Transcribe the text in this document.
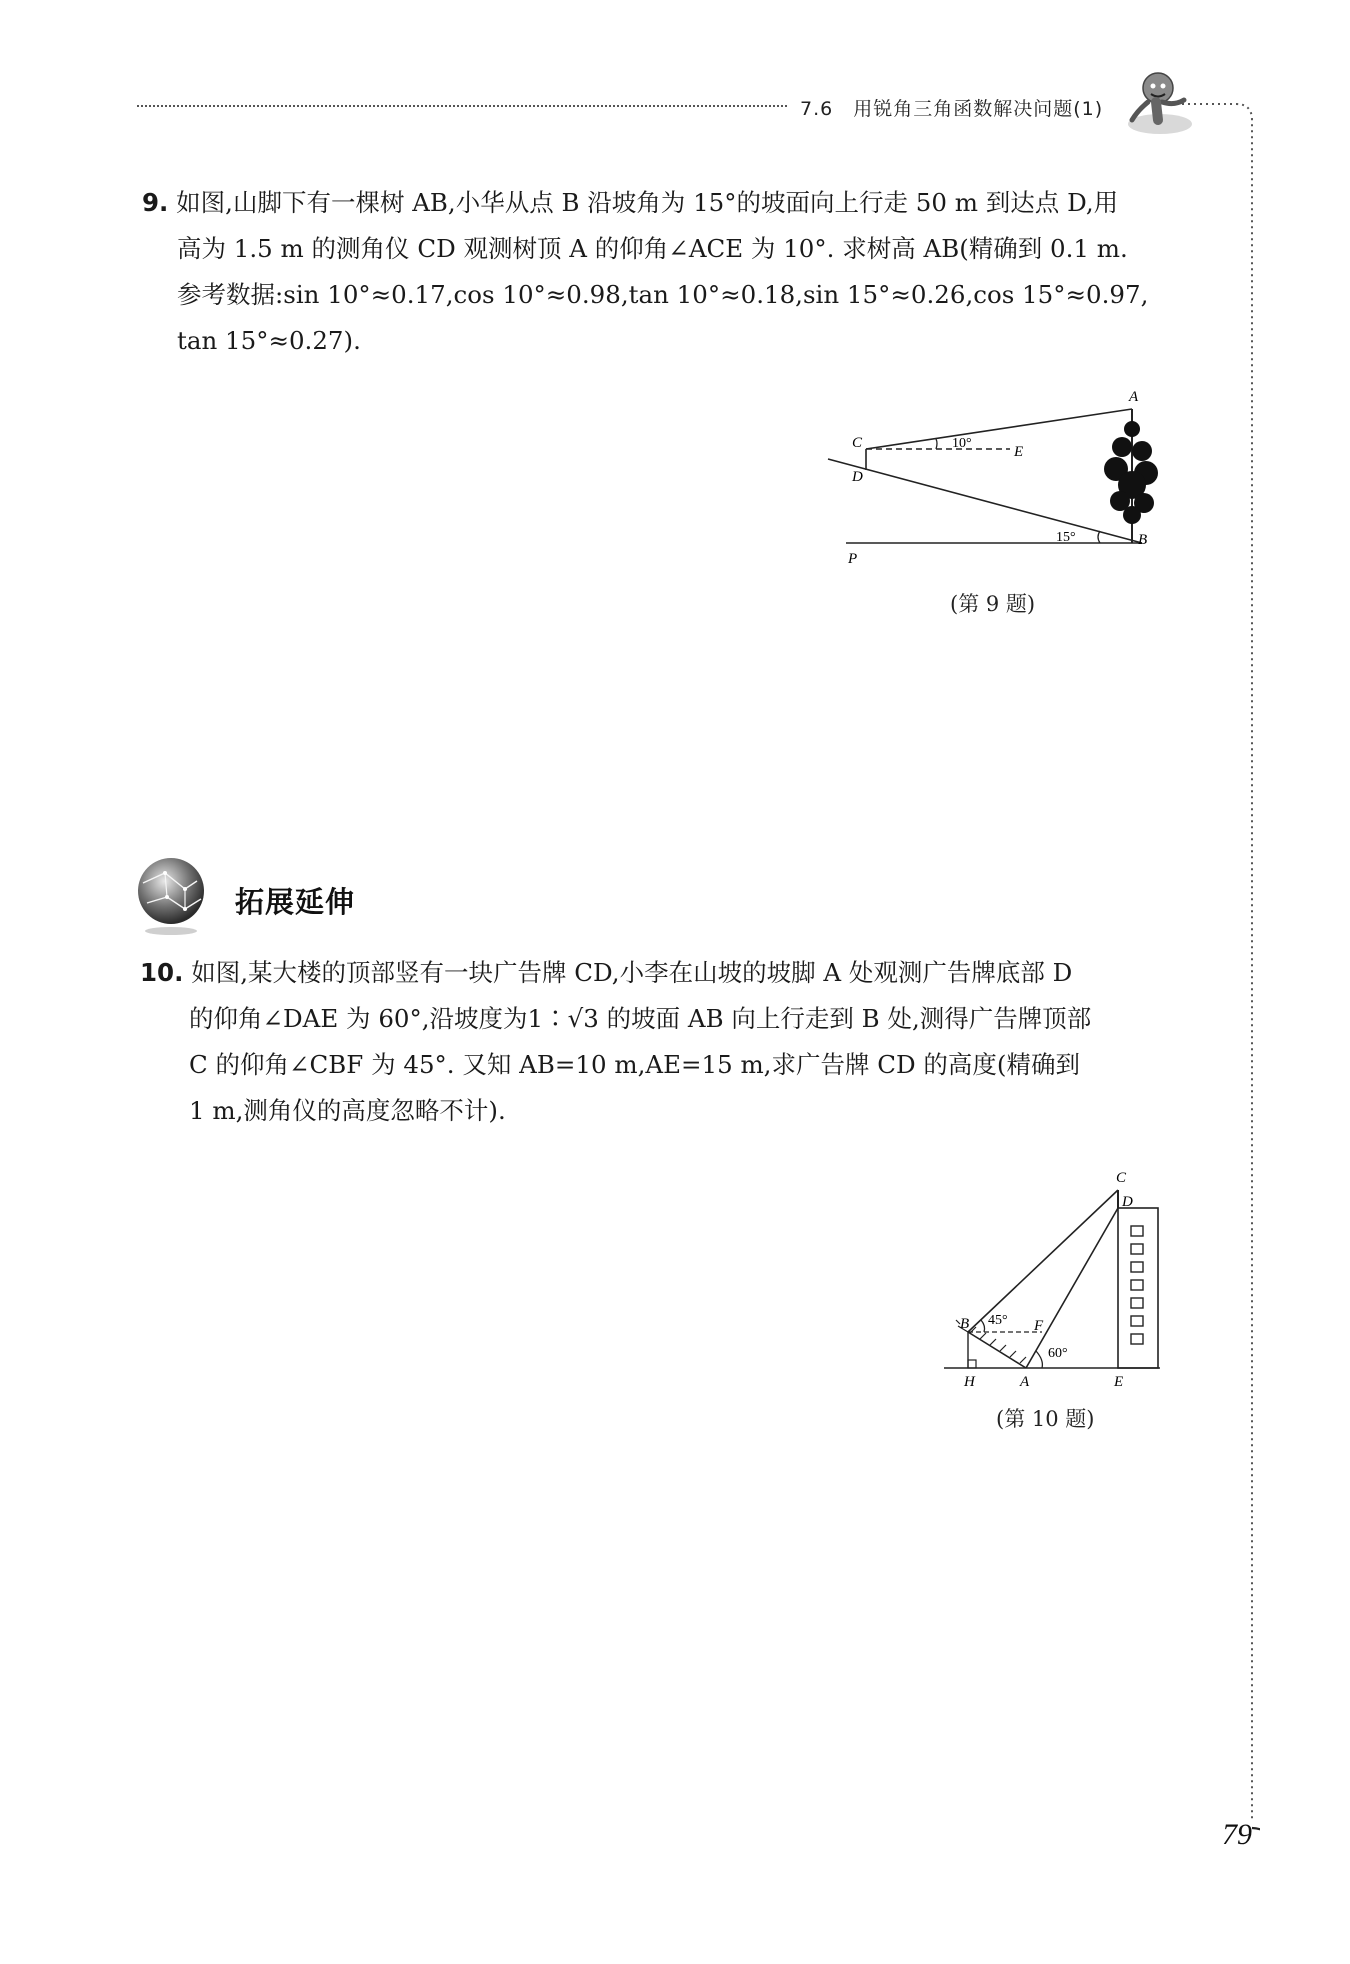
7.6　用锐角三角函数解决问题(1)
9. 如图,山脚下有一棵树 AB,小华从点 B 沿坡角为 15°的坡面向上行走 50 m 到达点 D,用
高为 1.5 m 的测角仪 CD 观测树顶 A 的仰角∠ACE 为 10°. 求树高 AB(精确到 0.1 m.
参考数据:sin 10°≈0.17,cos 10°≈0.98,tan 10°≈0.18,sin 15°≈0.26,cos 15°≈0.97,
tan 15°≈0.27).
A
B
C
D
E
P
10°
15°
(第 9 题)
拓展延伸
10. 如图,某大楼的顶部竖有一块广告牌 CD,小李在山坡的坡脚 A 处观测广告牌底部 D
的仰角∠DAE 为 60°,沿坡度为1∶√3 的坡面 AB 向上行走到 B 处,测得广告牌顶部
C 的仰角∠CBF 为 45°. 又知 AB=10 m,AE=15 m,求广告牌 CD 的高度(精确到
1 m,测角仪的高度忽略不计).
C
D
B	F
H	A	E
45°
60°
(第 10 题)
79
